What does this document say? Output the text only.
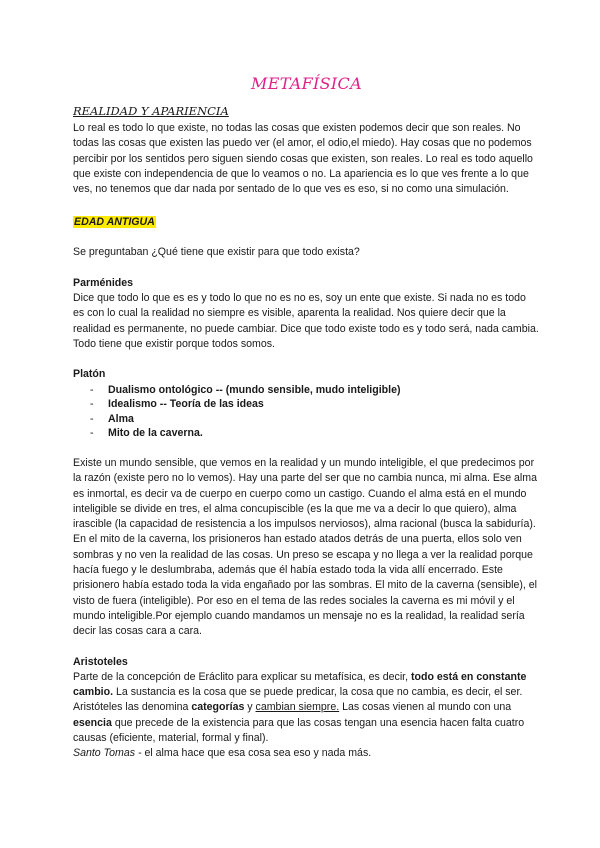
METAFÍSICA
REALIDAD Y APARIENCIA

Lo real es todo lo que existe, no todas las cosas que existen podemos decir que son reales. No todas las cosas que existen las puedo ver (el amor, el odio,el miedo). Hay cosas que no podemos percibir por los sentidos pero siguen siendo cosas que existen, son reales. Lo real es todo aquello que existe con independencia de que lo veamos o no. La apariencia es lo que ves frente a lo que ves, no tenemos que dar nada por sentado de lo que ves es eso, si no como una simulación.

EDAD ANTIGUA

Se preguntaban ¿Qué tiene que existir para que todo exista?

Parménides

Dice que todo lo que es es y todo lo que no es no es, soy un ente que existe. Si nada no es todo es con lo cual la realidad no siempre es visible, aparenta la realidad. Nos quiere decir que la realidad es permanente, no puede cambiar. Dice que todo existe todo es y todo será, nada cambia. Todo tiene que existir porque todos somos.

Platón

- Dualismo ontológico -- (mundo sensible, mudo inteligible)
- Idealismo -- Teoría de las ideas
- Alma
- Mito de la caverna.

Existe un mundo sensible, que vemos en la realidad y un mundo inteligible, el que predecimos por la razón (existe pero no lo vemos). Hay una parte del ser que no cambia nunca, mi alma. Ese alma es inmortal, es decir va de cuerpo en cuerpo como un castigo. Cuando el alma está en el mundo inteligible se divide en tres, el alma concupiscible (es la que me va a decir lo que quiero), alma irascible (la capacidad de resistencia a los impulsos nerviosos), alma racional (busca la sabiduría). En el mito de la caverna, los prisioneros han estado atados detrás de una puerta, ellos solo ven sombras y no ven la realidad de las cosas. Un preso se escapa y no llega a ver la realidad porque hacía fuego y le deslumbraba, además que él había estado toda la vida allí encerrado. Este prisionero había estado toda la vida engañado por las sombras. El mito de la caverna (sensible), el visto de fuera (inteligible). Por eso en el tema de las redes sociales la caverna es mi móvil y el mundo inteligible.Por ejemplo cuando mandamos un mensaje no es la realidad, la realidad sería decir las cosas cara a cara.

Aristoteles

Parte de la concepción de Eráclito para explicar su metafísica, es decir, todo está en constante cambio. La sustancia es la cosa que se puede predicar, la cosa que no cambia, es decir, el ser. Aristóteles las denomina categorías y cambian siempre. Las cosas vienen al mundo con una esencia que precede de la existencia para que las cosas tengan una esencia hacen falta cuatro causas (eficiente, material, formal y final).

Santo Tomas - el alma hace que esa cosa sea eso y nada más.
